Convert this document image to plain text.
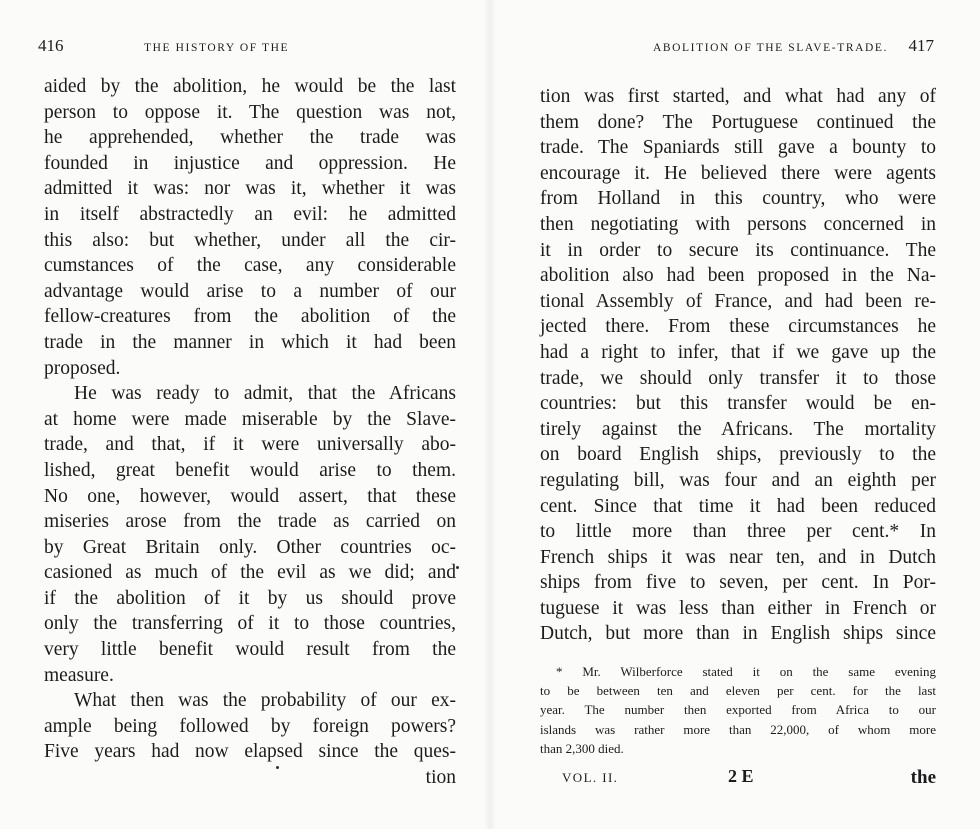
416	THE HISTORY OF THE
aided by the abolition, he would be the last
person to oppose it. The question was not,
he apprehended, whether the trade was
founded in injustice and oppression. He
admitted it was: nor was it, whether it was
in itself abstractedly an evil: he admitted
this also: but whether, under all the cir-
cumstances of the case, any considerable
advantage would arise to a number of our
fellow-creatures from the abolition of the
trade in the manner in which it had been
proposed.
He was ready to admit, that the Africans
at home were made miserable by the Slave-
trade, and that, if it were universally abo-
lished, great benefit would arise to them.
No one, however, would assert, that these
miseries arose from the trade as carried on
by Great Britain only. Other countries oc-
casioned as much of the evil as we did; and
if the abolition of it by us should prove
only the transferring of it to those countries,
very little benefit would result from the
measure.
What then was the probability of our ex-
ample being followed by foreign powers?
Five years had now elapsed since the ques-
tion
ABOLITION OF THE SLAVE-TRADE. 417
tion was first started, and what had any of
them done? The Portuguese continued the
trade. The Spaniards still gave a bounty to
encourage it. He believed there were agents
from Holland in this country, who were
then negotiating with persons concerned in
it in order to secure its continuance. The
abolition also had been proposed in the Na-
tional Assembly of France, and had been re-
jected there. From these circumstances he
had a right to infer, that if we gave up the
trade, we should only transfer it to those
countries: but this transfer would be en-
tirely against the Africans. The mortality
on board English ships, previously to the
regulating bill, was four and an eighth per
cent. Since that time it had been reduced
to little more than three per cent.* In
French ships it was near ten, and in Dutch
ships from five to seven, per cent. In Por-
tuguese it was less than either in French or
Dutch, but more than in English ships since
VOL. II.	the
* Mr. Wilberforce stated it on the same evening
to be between ten and eleven per cent. for the last
year. The number then exported from Africa to our
islands was rather more than 22,000, of whom more
than 2,300 died.
2 E
